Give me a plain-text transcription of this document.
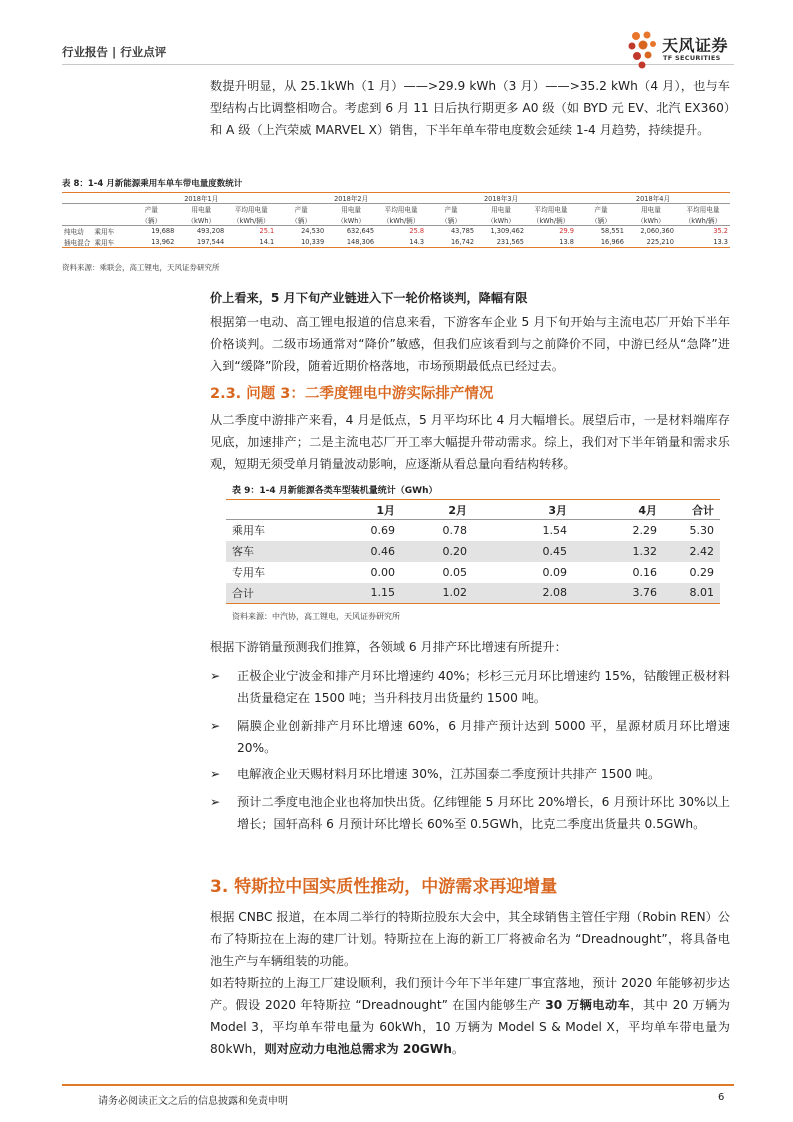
行业报告 | 行业点评	天风证券
TF SECURITIES
数提升明显，从 25.1kWh（1 月）——>29.9 kWh（3 月）——>35.2 kWh（4 月），也与车型结构占比调整相吻合。考虑到 6 月 11 日后执行期更多 A0 级（如 BYD 元 EV、北汽 EX360）和 A 级（上汽荣威 MARVEL X）销售，下半年单车带电度数会延续 1-4 月趋势，持续提升。
表 8：1-4 月新能源乘用车单车带电量度数统计
		2018年1月			2018年2月			2018年3月			2018年4月		
		产量	用电量	平均用电量	产量	用电量	平均用电量	产量	用电量	平均用电量	产量	用电量	平均用电量
		（辆）	（kWh）	（kWh/辆）	（辆）	（kWh）	（kWh/辆）	（辆）	（kWh）	（kWh/辆）	（辆）	（kWh）	（kWh/辆）
纯电动	乘用车	19,688	493,208	25.1	24,530	632,645	25.8	43,785	1,309,462	29.9	58,551	2,060,360	35.2
插电混合	乘用车	13,962	197,544	14.1	10,339	148,306	14.3	16,742	231,565	13.8	16,966	225,210	13.3
资料来源：乘联会，高工锂电，天风证券研究所
价上看来，5 月下旬产业链进入下一轮价格谈判，降幅有限
根据第一电动、高工锂电报道的信息来看，下游客车企业 5 月下旬开始与主流电芯厂开始下半年价格谈判。二级市场通常对“降价”敏感，但我们应该看到与之前降价不同，中游已经从“急降”进入到“缓降”阶段，随着近期价格落地，市场预期最低点已经过去。
2.3. 问题 3：二季度锂电中游实际排产情况
从二季度中游排产来看，4 月是低点，5 月平均环比 4 月大幅增长。展望后市，一是材料端库存见底，加速排产；二是主流电芯厂开工率大幅提升带动需求。综上，我们对下半年销量和需求乐观，短期无须受单月销量波动影响，应逐渐从看总量向看结构转移。
表 9：1-4 月新能源各类车型装机量统计（GWh）
	1月	2月	3月	4月	合计
乘用车	0.69	0.78	1.54	2.29	5.30
客车	0.46	0.20	0.45	1.32	2.42
专用车	0.00	0.05	0.09	0.16	0.29
合计	1.15	1.02	2.08	3.76	8.01
资料来源：中汽协，高工锂电，天风证券研究所
根据下游销量预测我们推算，各领域 6 月排产环比增速有所提升：
➢ 正极企业宁波金和排产月环比增速约 40%；杉杉三元月环比增速约 15%，钴酸锂正极材料出货量稳定在 1500 吨；当升科技月出货量约 1500 吨。
➢ 隔膜企业创新排产月环比增速 60%，6 月排产预计达到 5000 平，星源材质月环比增速 20%。
➢ 电解液企业天赐材料月环比增速 30%，江苏国泰二季度预计共排产 1500 吨。
➢ 预计二季度电池企业也将加快出货。亿纬锂能 5 月环比 20%增长，6 月预计环比 30%以上增长；国轩高科 6 月预计环比增长 60%至 0.5GWh，比克二季度出货量共 0.5GWh。
3. 特斯拉中国实质性推动，中游需求再迎增量
根据 CNBC 报道，在本周二举行的特斯拉股东大会中，其全球销售主管任宇翔（Robin REN）公布了特斯拉在上海的建厂计划。特斯拉在上海的新工厂将被命名为 “Dreadnought”，将具备电池生产与车辆组装的功能。
如若特斯拉的上海工厂建设顺利，我们预计今年下半年建厂事宜落地，预计 2020 年能够初步达产。假设 2020 年特斯拉 “Dreadnought” 在国内能够生产 30 万辆电动车，其中 20 万辆为 Model 3，平均单车带电量为 60kWh，10 万辆为 Model S & Model X，平均单车带电量为 80kWh，则对应动力电池总需求为 20GWh。
请务必阅读正文之后的信息披露和免责申明	6
